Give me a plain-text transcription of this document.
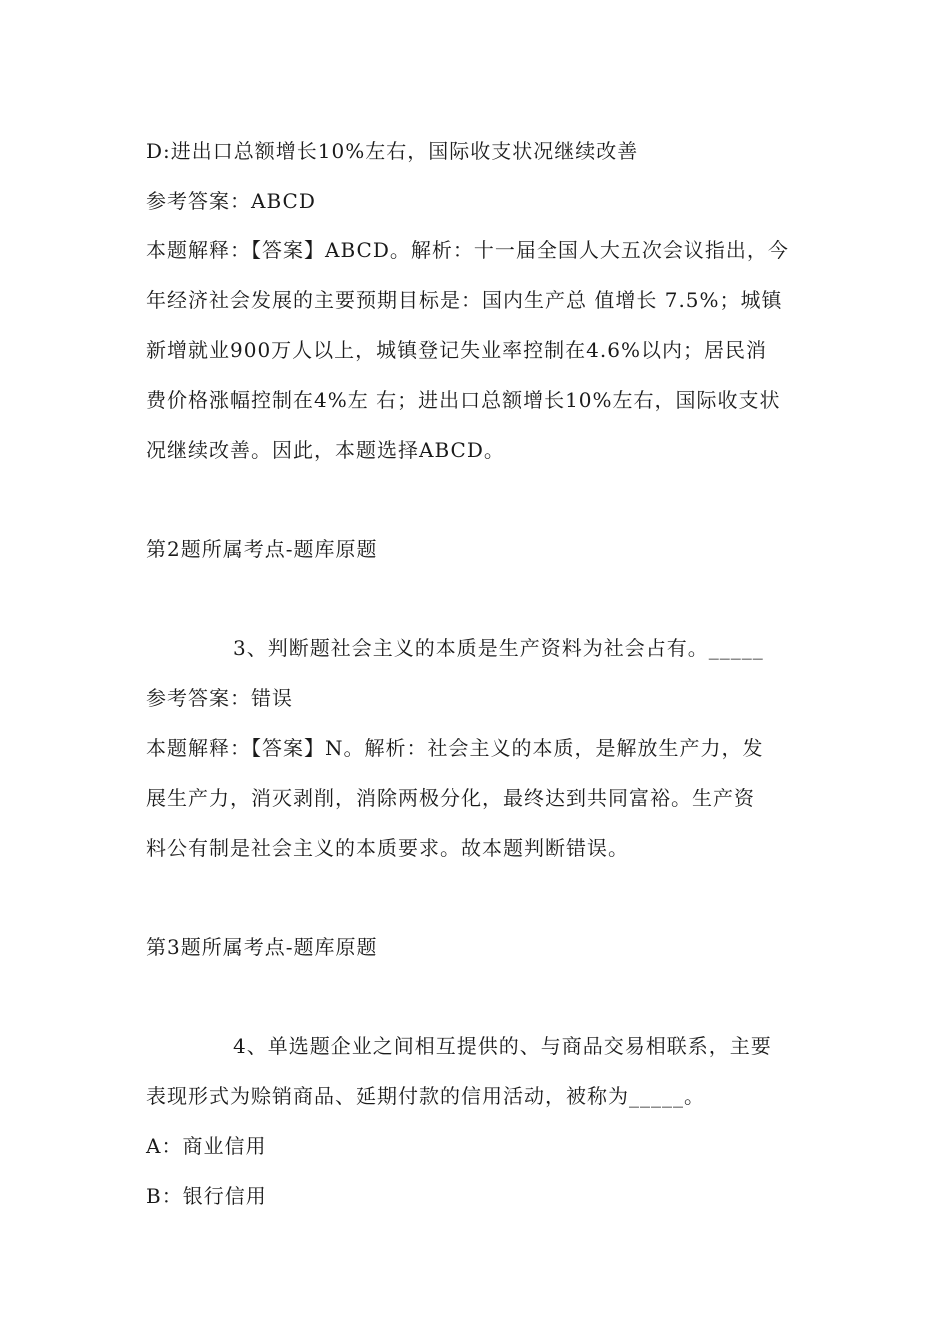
D:进出口总额增长10%左右，国际收支状况继续改善
参考答案：ABCD
本题解释：【答案】ABCD。解析：十一届全国人大五次会议指出，今
年经济社会发展的主要预期目标是：国内生产总 值增长 7.5%；城镇
新增就业900万人以上，城镇登记失业率控制在4.6%以内；居民消
费价格涨幅控制在4%左 右；进出口总额增长10%左右，国际收支状
况继续改善。因此，本题选择ABCD。
第2题所属考点-题库原题
3、判断题社会主义的本质是生产资料为社会占有。_____
参考答案：错误
本题解释：【答案】N。解析：社会主义的本质，是解放生产力，发
展生产力，消灭剥削，消除两极分化，最终达到共同富裕。生产资
料公有制是社会主义的本质要求。故本题判断错误。
第3题所属考点-题库原题
4、单选题企业之间相互提供的、与商品交易相联系，主要
表现形式为赊销商品、延期付款的信用活动，被称为_____。
A：商业信用
B：银行信用
